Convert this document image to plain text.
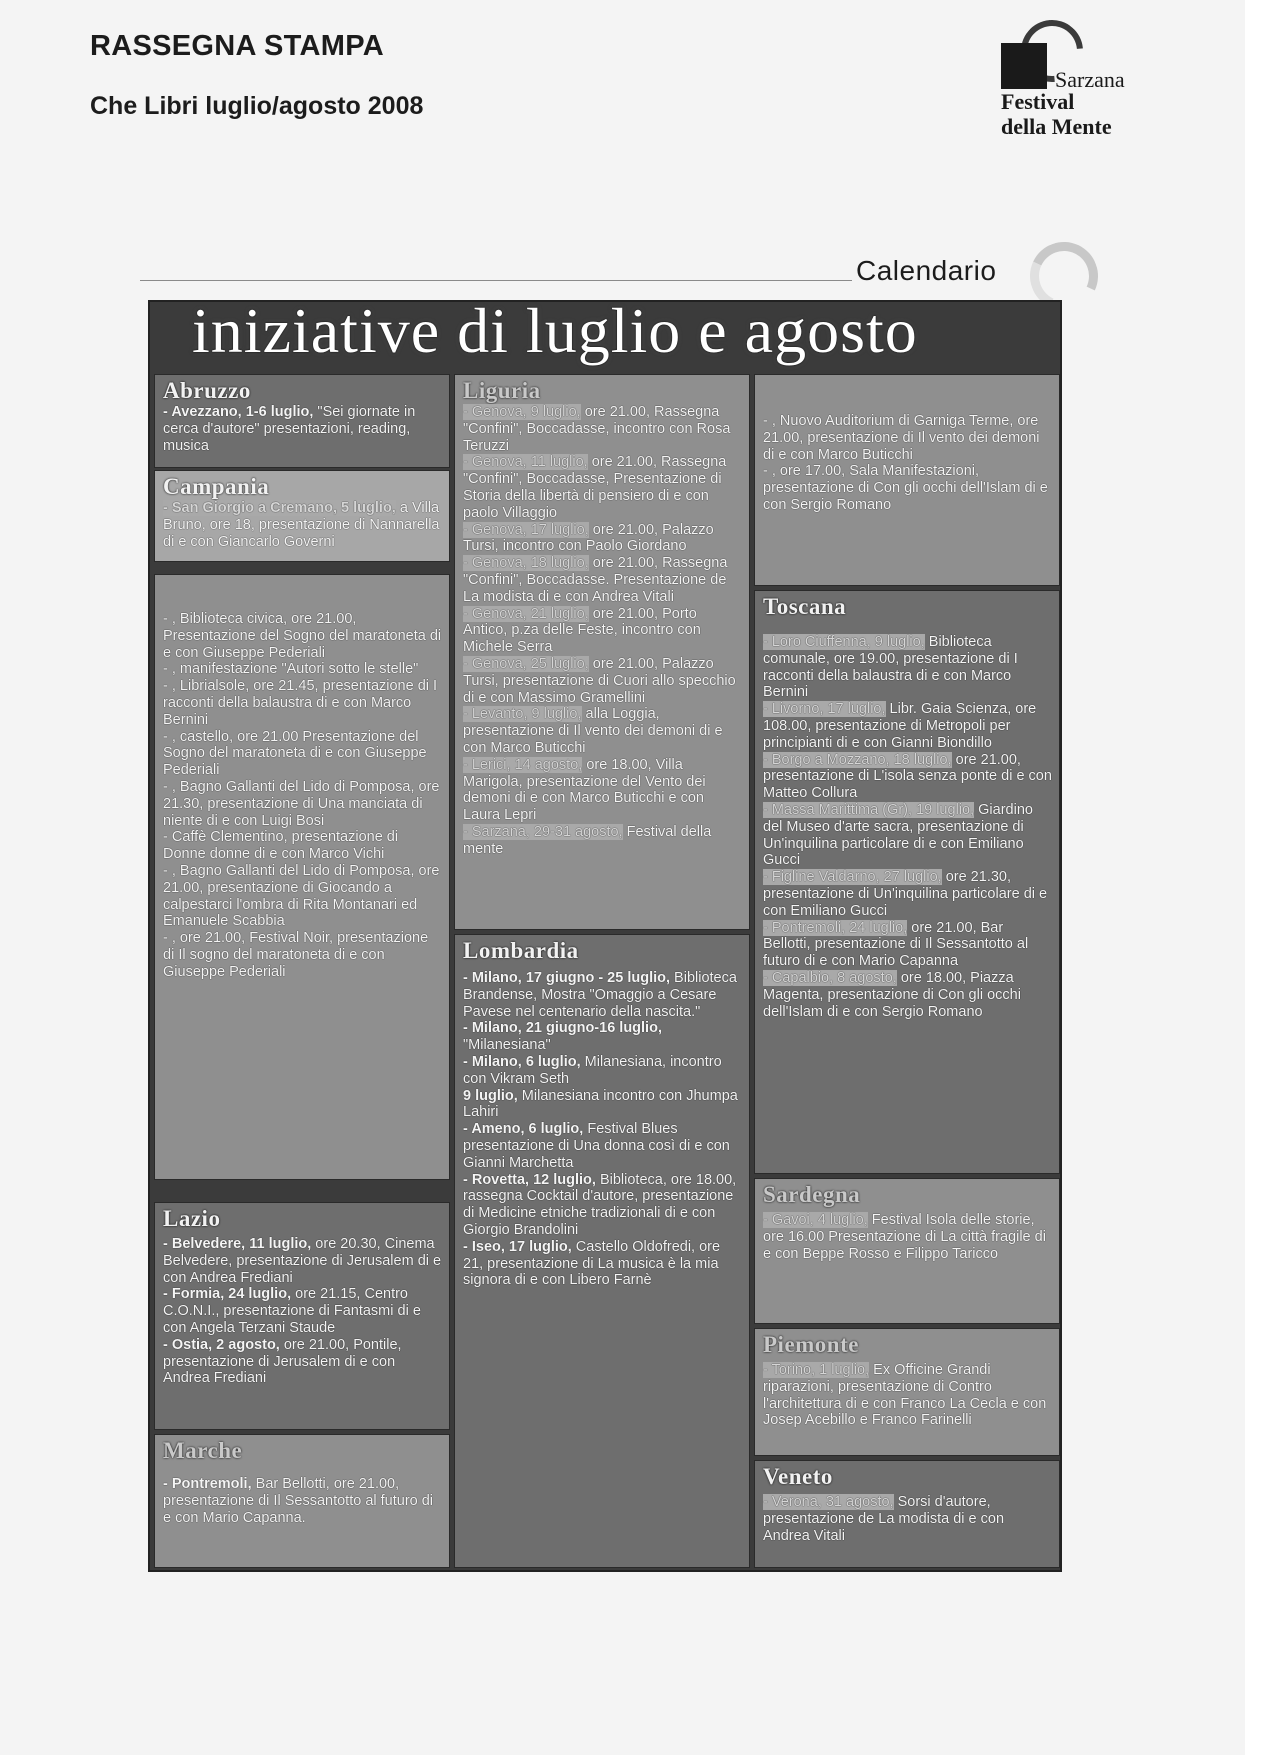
RASSEGNA STAMPA
Che Libri luglio/agosto 2008
Sarzana
Festival
della Mente
Calendario
iniziative di luglio e agosto
Abruzzo
- Avezzano, 1-6 luglio, "Sei giornate in cerca d'autore" presentazioni, reading, musica
Campania
- San Giorgio a Cremano, 5 luglio, a Villa Bruno, ore 18, presentazione di Nannarella di e con Giancarlo Governi
- , Biblioteca civica, ore 21.00, Presentazione del Sogno del maratoneta di e con Giuseppe Pederiali
- , manifestazione "Autori sotto le stelle"
- , Librialsole, ore 21.45, presentazione di I racconti della balaustra di e con Marco Bernini
- , castello, ore 21.00 Presentazione del Sogno del maratoneta di e con Giuseppe Pederiali
- , Bagno Gallanti del Lido di Pomposa, ore 21.30, presentazione di Una manciata di niente di e con Luigi Bosi
- Caffè Clementino, presentazione di Donne donne di e con Marco Vichi
- , Bagno Gallanti del Lido di Pomposa, ore 21.00, presentazione di Giocando a calpestarci l'ombra di Rita Montanari ed Emanuele Scabbia
- , ore 21.00, Festival Noir, presentazione di Il sogno del maratoneta di e con Giuseppe Pederiali
Lazio
- Belvedere, 11 luglio, ore 20.30, Cinema Belvedere, presentazione di Jerusalem di e con Andrea Frediani
- Formia, 24 luglio, ore 21.15, Centro C.O.N.I., presentazione di Fantasmi di e con Angela Terzani Staude
- Ostia, 2 agosto, ore 21.00, Pontile, presentazione di Jerusalem di e con Andrea Frediani
Marche
- Pontremoli, Bar Bellotti, ore 21.00, presentazione di Il Sessantotto al futuro di e con Mario Capanna.
Liguria
- Genova, 9 luglio, ore 21.00, Rassegna "Confini", Boccadasse, incontro con Rosa Teruzzi
- Genova, 11 luglio, ore 21.00, Rassegna "Confini", Boccadasse, Presentazione di Storia della libertà di pensiero di e con paolo Villaggio
- Genova, 17 luglio, ore 21.00, Palazzo Tursi, incontro con Paolo Giordano
- Genova, 18 luglio, ore 21.00, Rassegna "Confini", Boccadasse. Presentazione de La modista di e con Andrea Vitali
- Genova, 21 luglio, ore 21.00, Porto Antico, p.za delle Feste, incontro con Michele Serra
- Genova, 25 luglio, ore 21.00, Palazzo Tursi, presentazione di Cuori allo specchio di e con Massimo Gramellini
- Levanto, 9 luglio, alla Loggia, presentazione di Il vento dei demoni di e con Marco Buticchi
- Lerici, 14 agosto, ore 18.00, Villa Marigola, presentazione del Vento dei demoni di e con Marco Buticchi e con Laura Lepri
- Sarzana, 29-31 agosto, Festival della mente
Lombardia
- Milano, 17 giugno - 25 luglio, Biblioteca Brandense, Mostra "Omaggio a Cesare Pavese nel centenario della nascita."
- Milano, 21 giugno-16 luglio, "Milanesiana"
- Milano, 6 luglio, Milanesiana, incontro con Vikram Seth
9 luglio, Milanesiana incontro con Jhumpa Lahiri
- Ameno, 6 luglio, Festival Blues presentazione di Una donna così di e con Gianni Marchetta
- Rovetta, 12 luglio, Biblioteca, ore 18.00, rassegna Cocktail d'autore, presentazione di Medicine etniche tradizionali di e con Giorgio Brandolini
- Iseo, 17 luglio, Castello Oldofredi, ore 21, presentazione di La musica è la mia signora di e con Libero Farnè
- , Nuovo Auditorium di Garniga Terme, ore 21.00, presentazione di Il vento dei demoni di e con Marco Buticchi
- , ore 17.00, Sala Manifestazioni, presentazione di Con gli occhi dell'Islam di e con Sergio Romano
Toscana
- Loro Ciuffenna, 9 luglio, Biblioteca comunale, ore 19.00, presentazione di I racconti della balaustra di e con Marco Bernini
- Livorno, 17 luglio, Libr. Gaia Scienza, ore 108.00, presentazione di Metropoli per principianti di e con Gianni Biondillo
- Borgo a Mozzano, 18 luglio, ore 21.00, presentazione di L'isola senza ponte di e con Matteo Collura
- Massa Marittima (Gr), 19 luglio, Giardino del Museo d'arte sacra, presentazione di Un'inquilina particolare di e con Emiliano Gucci
- Figline Valdarno, 27 luglio, ore 21.30, presentazione di Un'inquilina particolare di e con Emiliano Gucci
- Pontremoli, 24 luglio, ore 21.00, Bar Bellotti, presentazione di Il Sessantotto al futuro di e con Mario Capanna
- Capalbio, 8 agosto, ore 18.00, Piazza Magenta, presentazione di Con gli occhi dell'Islam di e con Sergio Romano
Sardegna
- Gavoi, 4 luglio, Festival Isola delle storie, ore 16.00 Presentazione di La città fragile di e con Beppe Rosso e Filippo Taricco
Piemonte
- Torino, 1 luglio, Ex Officine Grandi riparazioni, presentazione di Contro l'architettura di e con Franco La Cecla e con Josep Acebillo e Franco Farinelli
Veneto
- Verona, 31 agosto, Sorsi d'autore, presentazione de La modista di e con Andrea Vitali
